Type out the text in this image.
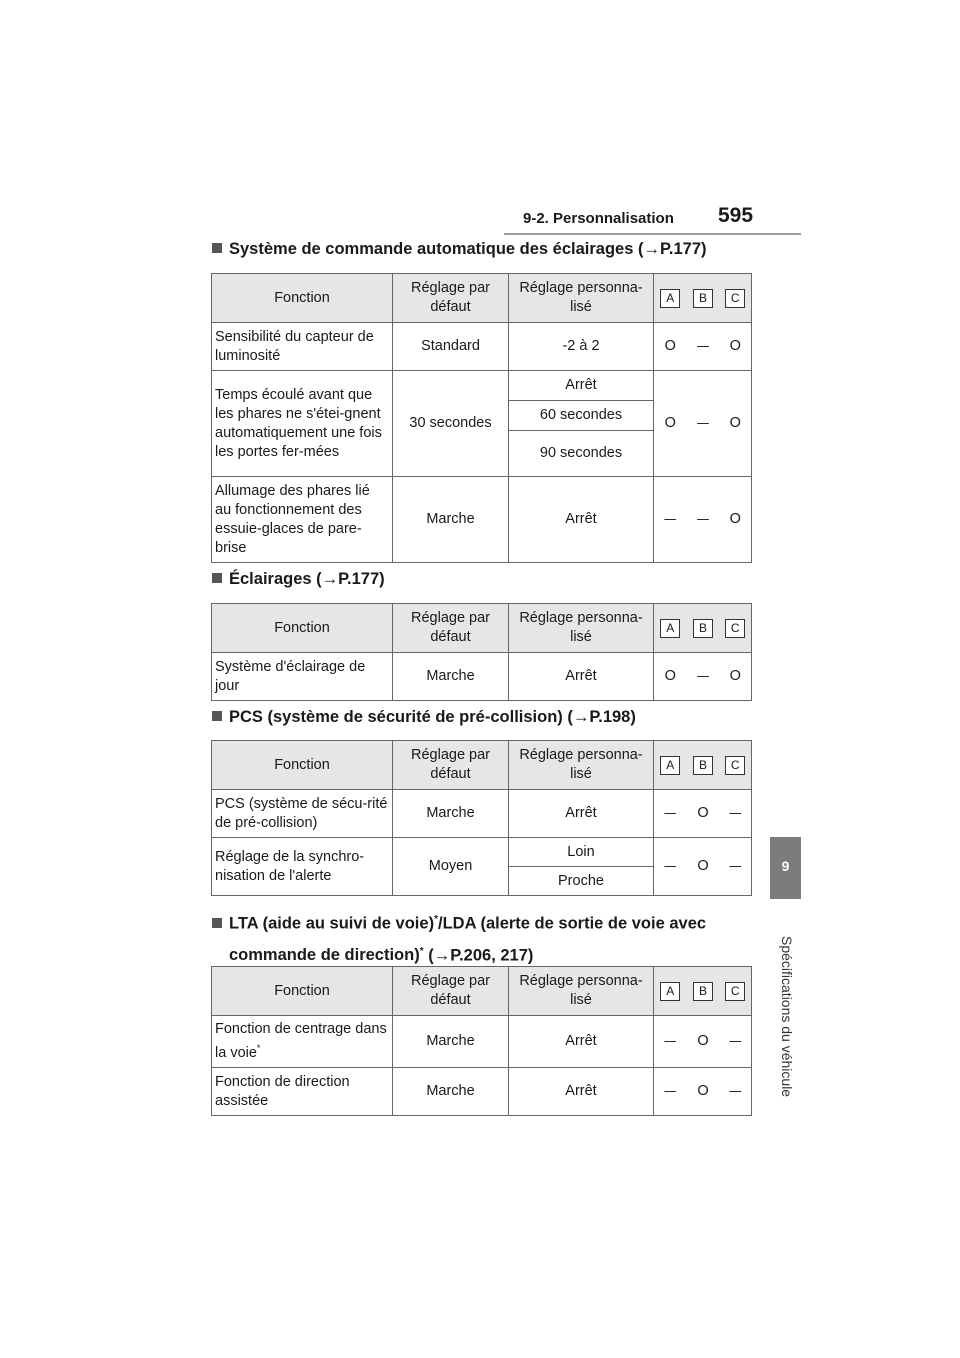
9-2. Personnalisation 595
9
Spécifications du véhicule
Système de commande automatique des éclairages (→P.177)
Fonction	Réglage par défaut	Réglage personna-lisé	A	B	C
Sensibilité du capteur de luminosité	Standard	-2 à 2	O	—	O
Temps écoulé avant que les phares ne s'étei-gnent automatiquement une fois les portes fer-mées	30 secondes	Arrêt	O	—	O
		60 secondes			
		90 secondes			
Allumage des phares lié au fonctionnement des essuie-glaces de pare-brise	Marche	Arrêt	—	—	O
Éclairages (→P.177)
Fonction	Réglage par défaut	Réglage personna-lisé	A	B	C
Système d'éclairage de jour	Marche	Arrêt	O	—	O
PCS (système de sécurité de pré-collision) (→P.198)
Fonction	Réglage par défaut	Réglage personna-lisé	A	B	C
PCS (système de sécu-rité de pré-collision)	Marche	Arrêt	—	O	—
Réglage de la synchro-nisation de l'alerte	Moyen	Loin	—	O	—
		Proche			
LTA (aide au suivi de voie)*/LDA (alerte de sortie de voie avec
commande de direction)* (→P.206, 217)
Fonction	Réglage par défaut	Réglage personna-lisé	A	B	C
Fonction de centrage dans la voie*	Marche	Arrêt	—	O	—
Fonction de direction assistée	Marche	Arrêt	—	O	—
